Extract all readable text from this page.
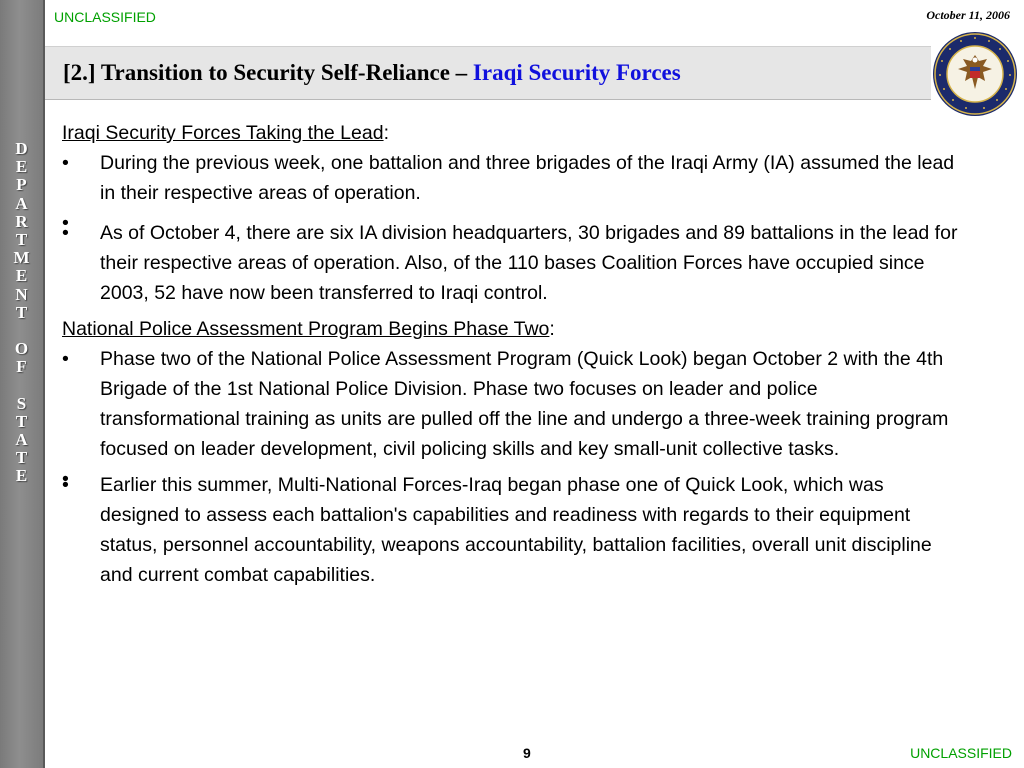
D
E
P
A
R
T
M
E
N
T
O
F
S
T
A
T
E
UNCLASSIFIED	October 11, 2006
[2.] Transition to Security Self-Reliance – Iraqi Security Forces

Iraqi Security Forces Taking the Lead:

• During the previous week, one battalion and three brigades of the Iraqi Army (IA) assumed the lead in their respective areas of operation.
•
• As of October 4, there are six IA division headquarters, 30 brigades and 89 battalions in the lead for their respective areas of operation. Also, of the 110 bases Coalition Forces have occupied since 2003, 52 have now been transferred to Iraqi control.

National Police Assessment Program Begins Phase Two:

• Phase two of the National Police Assessment Program (Quick Look) began October 2 with the 4th Brigade of the 1st National Police Division. Phase two focuses on leader and police transformational training as units are pulled off the line and undergo a three-week training program focused on leader development, civil policing skills and key small-unit collective tasks.
•
• Earlier this summer, Multi-National Forces-Iraq began phase one of Quick Look, which was designed to assess each battalion's capabilities and readiness with regards to their equipment status, personnel accountability, weapons accountability, battalion facilities, overall unit discipline and current combat capabilities.
9	UNCLASSIFIED
